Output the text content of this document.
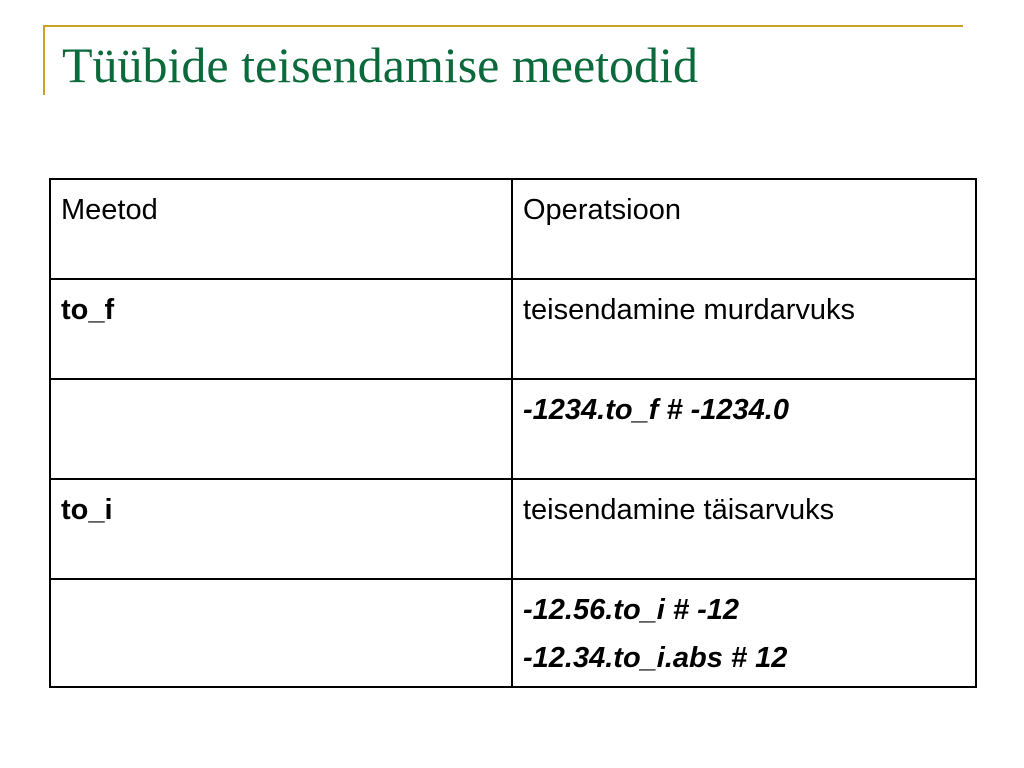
Tüübide teisendamise meetodid
Meetod	Operatsioon
to_f	teisendamine murdarvuks

	-1234.to_f # -1234.0

to_i	teisendamine täisarvuks

	-12.56.to_i # -12
-12.34.to_i.abs # 12
